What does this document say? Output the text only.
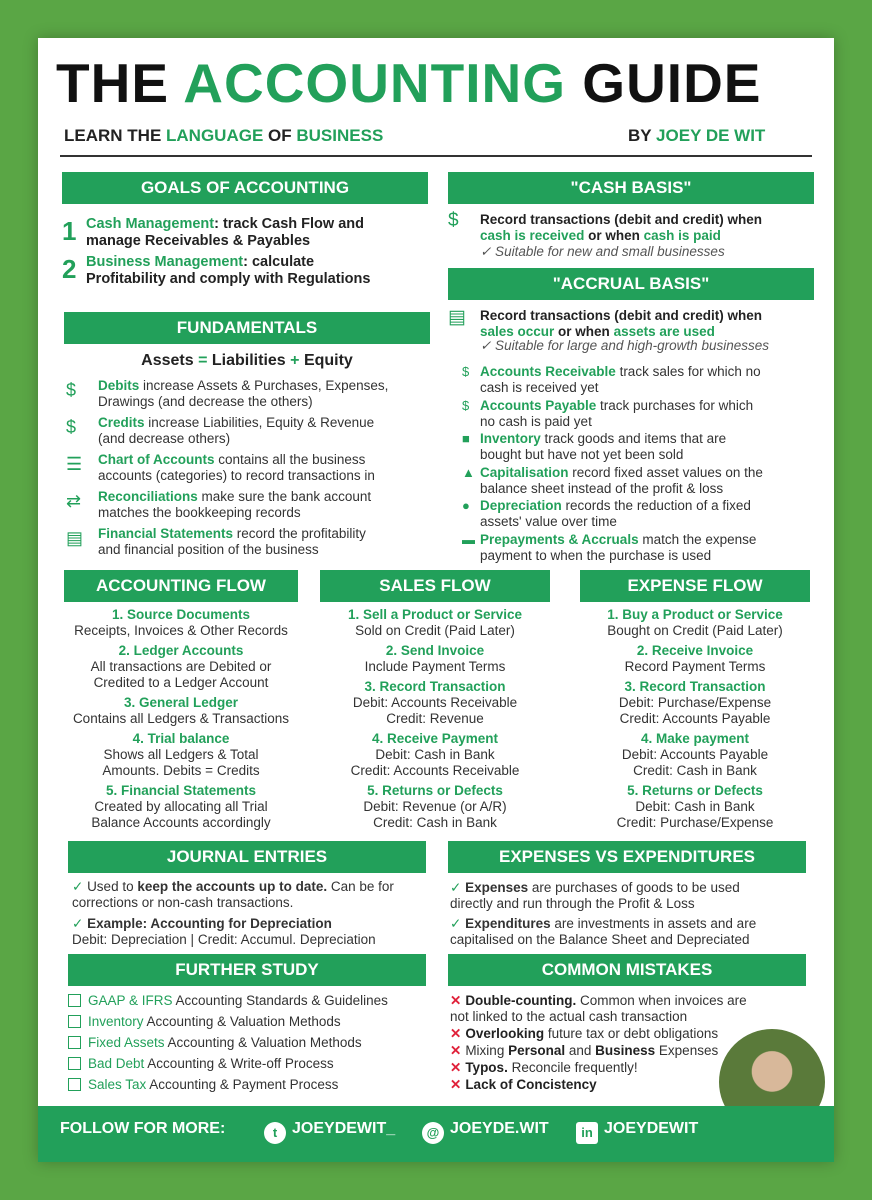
THE ACCOUNTING GUIDE
LEARN THE LANGUAGE OF BUSINESS	BY JOEY DE WIT
GOALS OF ACCOUNTING
1 Cash Management: track Cash Flow and
manage Receivables & Payables
2 Business Management: calculate
Profitability and comply with Regulations
"CASH BASIS"
$ Record transactions (debit and credit) when
cash is received or when cash is paid
✓ Suitable for new and small businesses
"ACCRUAL BASIS"
▤ Record transactions (debit and credit) when
sales occur or when assets are used
✓ Suitable for large and high-growth businesses
$ Accounts Receivable track sales for which no
cash is received yet
$ Accounts Payable track purchases for which
no cash is paid yet
■ Inventory track goods and items that are
bought but have not yet been sold
▲ Capitalisation record fixed asset values on the
balance sheet instead of the profit & loss
● Depreciation records the reduction of a fixed
assets' value over time
▬ Prepayments & Accruals match the expense
payment to when the purchase is used
FUNDAMENTALS
Assets = Liabilities + Equity
$ Debits increase Assets & Purchases, Expenses,
Drawings (and decrease the others)
$ Credits increase Liabilities, Equity & Revenue
(and decrease others)
☰ Chart of Accounts contains all the business
accounts (categories) to record transactions in
⇄ Reconciliations make sure the bank account
matches the bookkeeping records
▤ Financial Statements record the profitability
and financial position of the business
ACCOUNTING FLOW
1. Source Documents
Receipts, Invoices & Other Records
2. Ledger Accounts
All transactions are Debited or
Credited to a Ledger Account
3. General Ledger
Contains all Ledgers & Transactions
4. Trial balance
Shows all Ledgers & Total
Amounts. Debits = Credits
5. Financial Statements
Created by allocating all Trial
Balance Accounts accordingly
SALES FLOW
1. Sell a Product or Service
Sold on Credit (Paid Later)
2. Send Invoice
Include Payment Terms
3. Record Transaction
Debit: Accounts Receivable
Credit: Revenue
4. Receive Payment
Debit: Cash in Bank
Credit: Accounts Receivable
5. Returns or Defects
Debit: Revenue (or A/R)
Credit: Cash in Bank
EXPENSE FLOW
1. Buy a Product or Service
Bought on Credit (Paid Later)
2. Receive Invoice
Record Payment Terms
3. Record Transaction
Debit: Purchase/Expense
Credit: Accounts Payable
4. Make payment
Debit: Accounts Payable
Credit: Cash in Bank
5. Returns or Defects
Debit: Cash in Bank
Credit: Purchase/Expense
JOURNAL ENTRIES
✓ Used to keep the accounts up to date. Can be for
corrections or non-cash transactions.
✓ Example: Accounting for Depreciation
Debit: Depreciation | Credit: Accumul. Depreciation
EXPENSES VS EXPENDITURES
✓ Expenses are purchases of goods to be used
directly and run through the Profit & Loss
✓ Expenditures are investments in assets and are
capitalised on the Balance Sheet and Depreciated
FURTHER STUDY
GAAP & IFRS Accounting Standards & Guidelines
Inventory Accounting & Valuation Methods
Fixed Assets Accounting & Valuation Methods
Bad Debt Accounting & Write-off Process
Sales Tax Accounting & Payment Process
COMMON MISTAKES
✕ Double-counting. Common when invoices are
not linked to the actual cash transaction
✕ Overlooking future tax or debt obligations
✕ Mixing Personal and Business Expenses
✕ Typos. Reconcile frequently!
✕ Lack of Concistency
FOLLOW FOR MORE:	t JOEYDEWIT_	@ JOEYDE.WIT	in JOEYDEWIT
